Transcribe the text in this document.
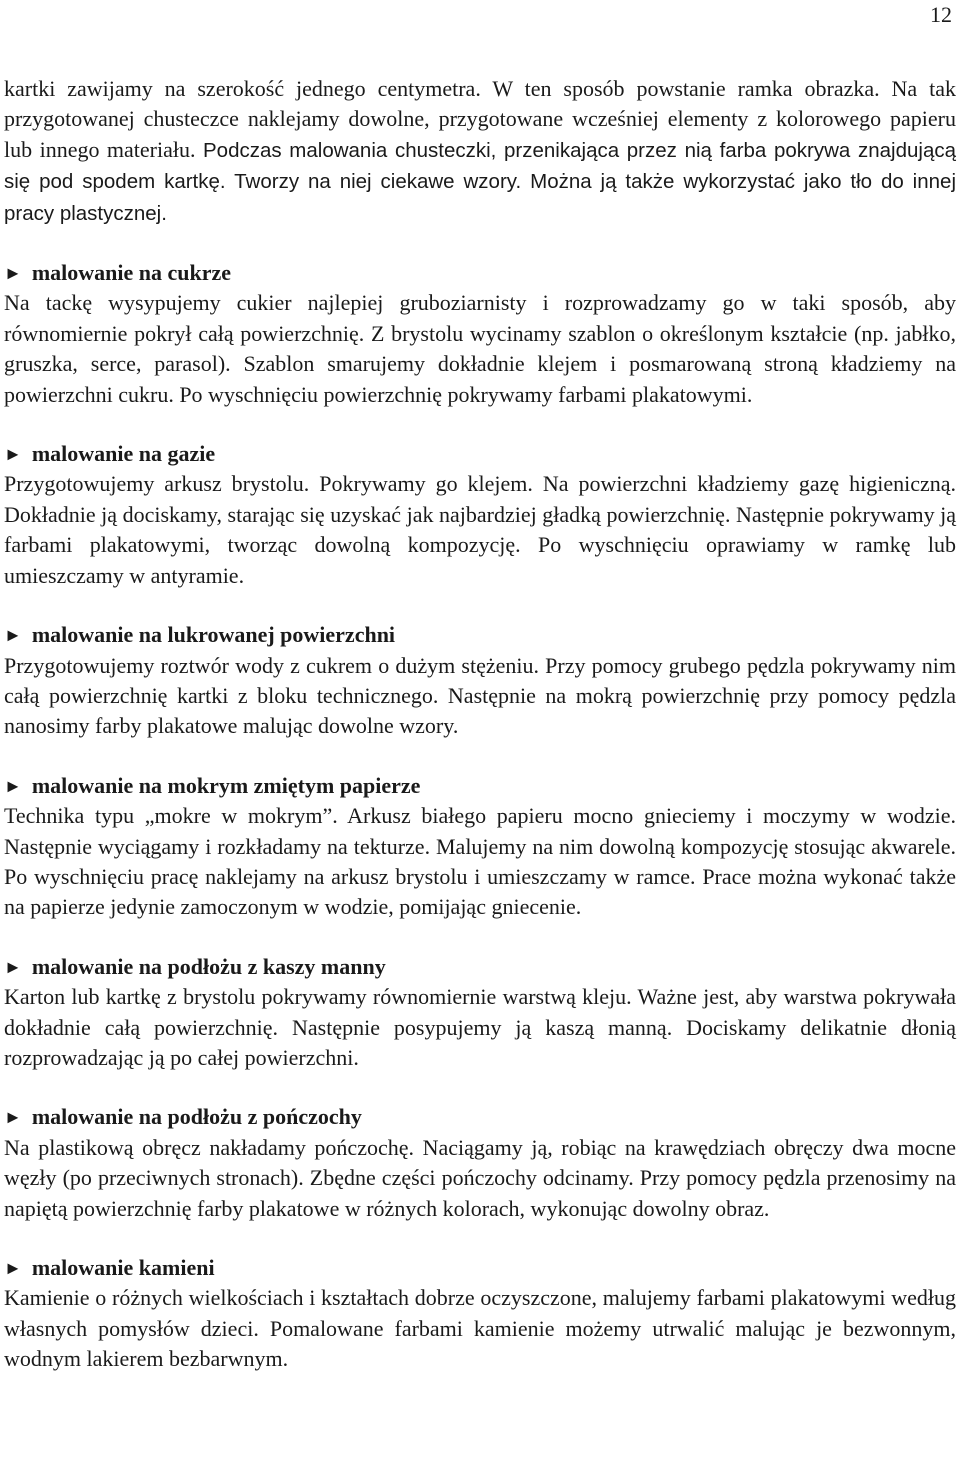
12

kartki zawijamy na szerokość jednego centymetra. W ten sposób powstanie ramka obrazka. Na tak przygotowanej chusteczce naklejamy dowolne, przygotowane wcześniej elementy z kolorowego papieru lub innego materiału. Podczas malowania chusteczki, przenikająca przez nią farba pokrywa znajdującą się pod spodem kartkę. Tworzy na niej ciekawe wzory. Można ją także wykorzystać jako tło do innej pracy plastycznej.

► malowanie na cukrze

Na tackę wysypujemy cukier najlepiej gruboziarnisty i rozprowadzamy go w taki sposób, aby równomiernie pokrył całą powierzchnię. Z brystolu wycinamy szablon o określonym kształcie (np. jabłko, gruszka, serce, parasol). Szablon smarujemy dokładnie klejem i posmarowaną stroną kładziemy na powierzchni cukru. Po wyschnięciu powierzchnię pokrywamy farbami plakatowymi.

► malowanie na gazie

Przygotowujemy arkusz brystolu. Pokrywamy go klejem. Na powierzchni kładziemy gazę higieniczną. Dokładnie ją dociskamy, starając się uzyskać jak najbardziej gładką powierzchnię. Następnie pokrywamy ją farbami plakatowymi, tworząc dowolną kompozycję. Po wyschnięciu oprawiamy w ramkę lub umieszczamy w antyramie.

► malowanie na lukrowanej powierzchni

Przygotowujemy roztwór wody z cukrem o dużym stężeniu. Przy pomocy grubego pędzla pokrywamy nim całą powierzchnię kartki z bloku technicznego. Następnie na mokrą powierzchnię przy pomocy pędzla nanosimy farby plakatowe malując dowolne wzory.

► malowanie na mokrym zmiętym papierze

Technika typu „mokre w mokrym”. Arkusz białego papieru mocno gnieciemy i moczymy w wodzie. Następnie wyciągamy i rozkładamy na tekturze. Malujemy na nim dowolną kompozycję stosując akwarele. Po wyschnięciu pracę naklejamy na arkusz brystolu i umieszczamy w ramce. Prace można wykonać także na papierze jedynie zamoczonym w wodzie, pomijając gniecenie.

► malowanie na podłożu z kaszy manny

Karton lub kartkę z brystolu pokrywamy równomiernie warstwą kleju. Ważne jest, aby warstwa pokrywała dokładnie całą powierzchnię. Następnie posypujemy ją kaszą manną. Dociskamy delikatnie dłonią rozprowadzając ją po całej powierzchni.

► malowanie na podłożu z pończochy

Na plastikową obręcz nakładamy pończochę. Naciągamy ją, robiąc na krawędziach obręczy dwa mocne węzły (po przeciwnych stronach). Zbędne części pończochy odcinamy. Przy pomocy pędzla przenosimy na napiętą powierzchnię farby plakatowe w różnych kolorach, wykonując dowolny obraz.

► malowanie kamieni

Kamienie o różnych wielkościach i kształtach dobrze oczyszczone, malujemy farbami plakatowymi według własnych pomysłów dzieci. Pomalowane farbami kamienie możemy utrwalić malując je bezwonnym, wodnym lakierem bezbarwnym.
